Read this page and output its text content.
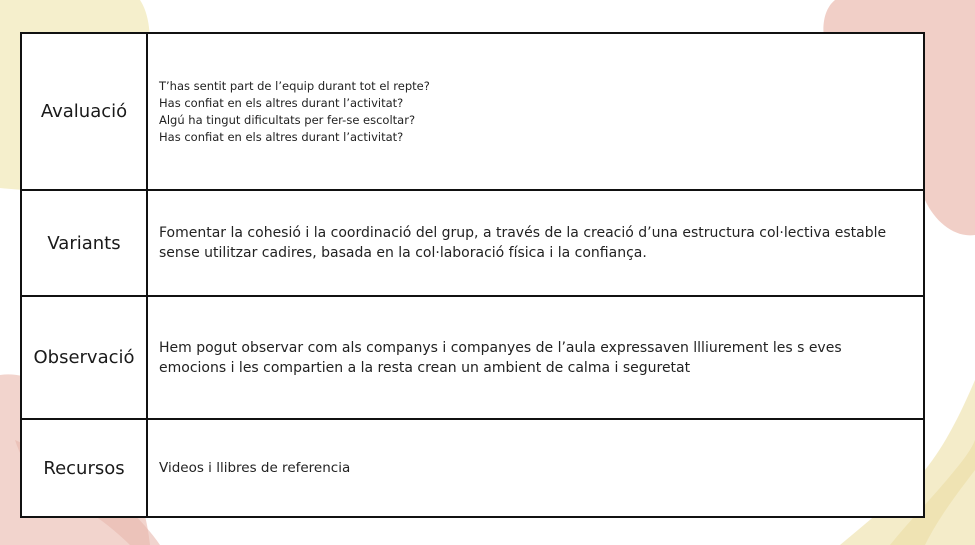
Avaluació	T’has sentit part de l’equip durant tot el repte?
Has confiat en els altres durant l’activitat?
Algú ha tingut dificultats per fer-se escoltar?
Has confiat en els altres durant l’activitat?

Variants	Fomentar la cohesió i la coordinació del grup, a través de la creació d’una estructura col·lectiva estable sense utilitzar cadires, basada en la col·laboració física i la confiança.

Observació	Hem pogut observar com als companys i companyes de l’aula expressaven llliurement les s eves emocions i les compartien a la resta crean un ambient de calma i seguretat

Recursos	Videos i llibres de referencia
